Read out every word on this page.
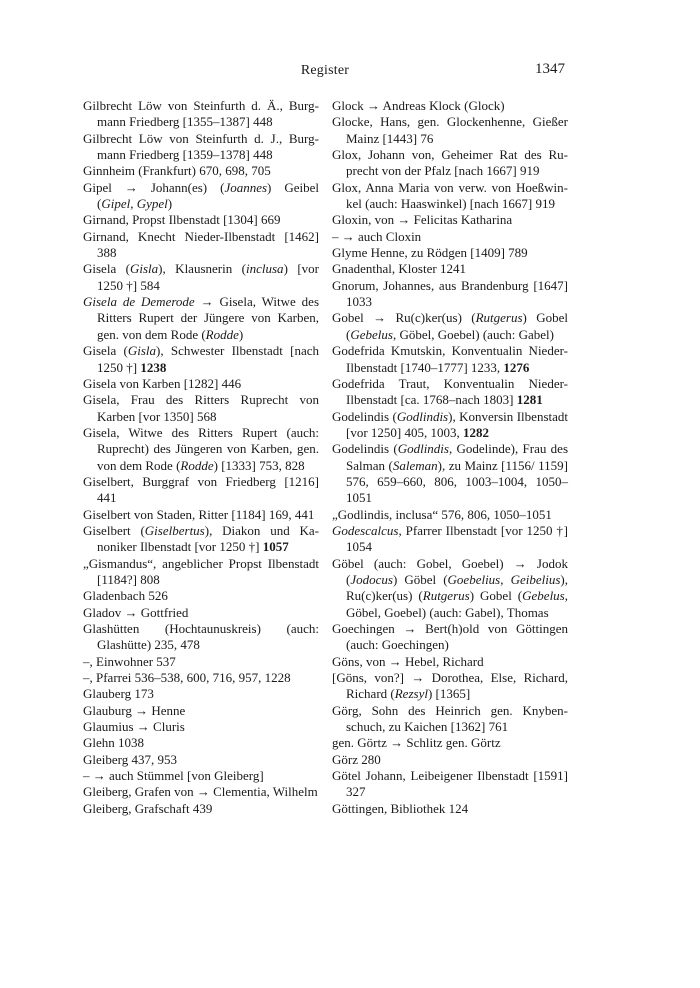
Register	1347

Gilbrecht Löw von Steinfurth d. Ä., Burgmann Friedberg [1355–1387] 448

Gilbrecht Löw von Steinfurth d. J., Burgmann Friedberg [1359–1378] 448

Ginnheim (Frankfurt) 670, 698, 705

Gipel → Johann(es) (Joannes) Geibel (Gipel, Gypel)

Girnand, Propst Ilbenstadt [1304] 669

Girnand, Knecht Nieder-Ilbenstadt [1462] 388

Gisela (Gisla), Klausnerin (inclusa) [vor 1250 †] 584

Gisela de Demerode → Gisela, Witwe des Ritters Rupert der Jüngere von Karben, gen. von dem Rode (Rodde)

Gisela (Gisla), Schwester Ilbenstadt [nach 1250 †] 1238

Gisela von Karben [1282] 446

Gisela, Frau des Ritters Ruprecht von Karben [vor 1350] 568

Gisela, Witwe des Ritters Rupert (auch: Ruprecht) des Jüngeren von Karben, gen. von dem Rode (Rodde) [1333] 753, 828

Giselbert, Burggraf von Friedberg [1216] 441

Giselbert von Staden, Ritter [1184] 169, 441

Giselbert (Giselbertus), Diakon und Kanoniker Ilbenstadt [vor 1250 †] 1057

„Gismandus“, angeblicher Propst Ilbenstadt [1184?] 808

Gladenbach 526

Gladov → Gottfried

Glashütten (Hochtaunuskreis) (auch: Glashütte) 235, 478

–, Einwohner 537

–, Pfarrei 536–538, 600, 716, 957, 1228

Glauberg 173

Glauburg → Henne

Glaumius → Cluris

Glehn 1038

Gleiberg 437, 953

– → auch Stümmel [von Gleiberg]

Gleiberg, Grafen von → Clementia, Wilhelm

Gleiberg, Grafschaft 439

Glock → Andreas Klock (Glock)

Glocke, Hans, gen. Glockenhenne, Gießer Mainz [1443] 76

Glox, Johann von, Geheimer Rat des Ruprecht von der Pfalz [nach 1667] 919

Glox, Anna Maria von verw. von Hoeßwinkel (auch: Haaswinkel) [nach 1667] 919

Gloxin, von → Felicitas Katharina

– → auch Cloxin

Glyme Henne, zu Rödgen [1409] 789

Gnadenthal, Kloster 1241

Gnorum, Johannes, aus Brandenburg [1647] 1033

Gobel → Ru(c)ker(us) (Rutgerus) Gobel (Gebelus, Göbel, Goebel) (auch: Gabel)

Godefrida Kmutskin, Konventualin Nieder-Ilbenstadt [1740–1777] 1233, 1276

Godefrida Traut, Konventualin Nieder-Ilbenstadt [ca. 1768–nach 1803] 1281

Godelindis (Godlindis), Konversin Ilbenstadt [vor 1250] 405, 1003, 1282

Godelindis (Godlindis, Godelinde), Frau des Salman (Saleman), zu Mainz [1156/ 1159] 576, 659–660, 806, 1003–1004, 1050–1051

„Godlindis, inclusa“ 576, 806, 1050–1051

Godescalcus, Pfarrer Ilbenstadt [vor 1250 †] 1054

Göbel (auch: Gobel, Goebel) → Jodok (Jodocus) Göbel (Goebelius, Geibelius), Ru(c)ker(us) (Rutgerus) Gobel (Gebelus, Göbel, Goebel) (auch: Gabel), Thomas

Goechingen → Bert(h)old von Göttingen (auch: Goechingen)

Göns, von → Hebel, Richard

[Göns, von?] → Dorothea, Else, Richard, Richard (Rezsyl) [1365]

Görg, Sohn des Heinrich gen. Knybenschuch, zu Kaichen [1362] 761

gen. Görtz → Schlitz gen. Görtz

Görz 280

Götel Johann, Leibeigener Ilbenstadt [1591] 327

Göttingen, Bibliothek 124
